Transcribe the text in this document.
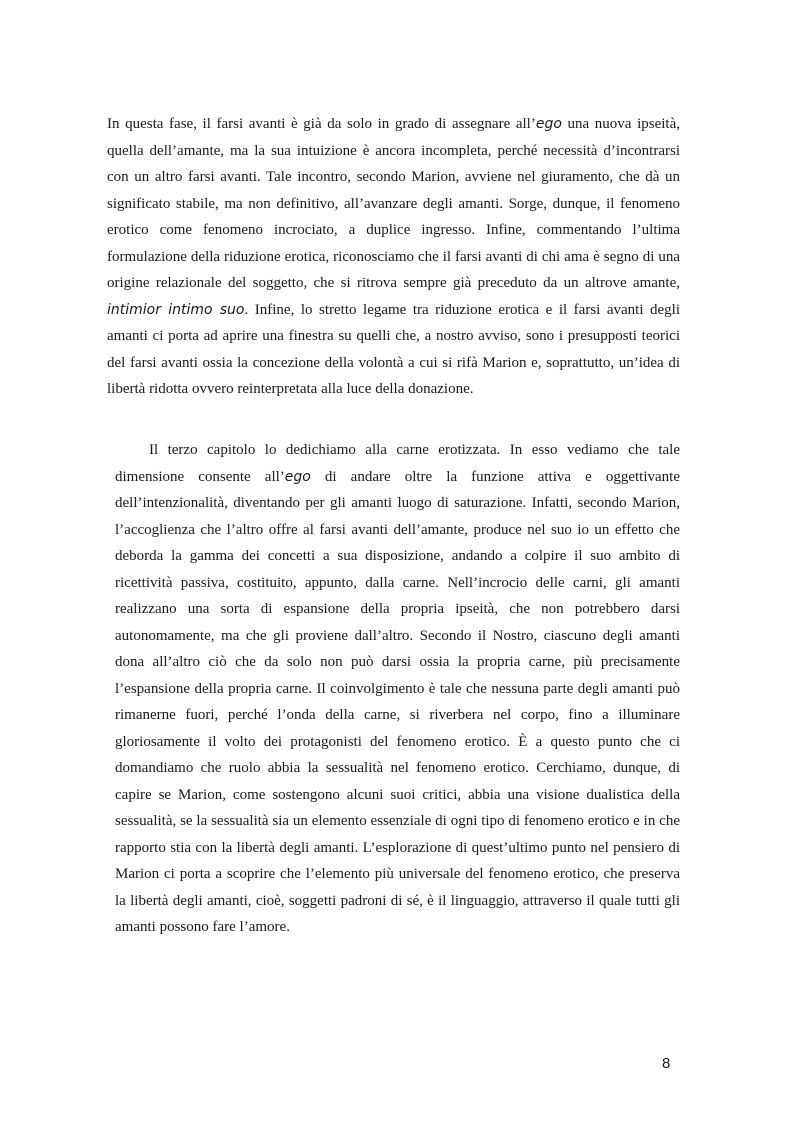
In questa fase, il farsi avanti è già da solo in grado di assegnare all’ego una nuova ipseità, quella dell’amante, ma la sua intuizione è ancora incompleta, perché necessità d’incontrarsi con un altro farsi avanti. Tale incontro, secondo Marion, avviene nel giuramento, che dà un significato stabile, ma non definitivo, all’avanzare degli amanti. Sorge, dunque, il fenomeno erotico come fenomeno incrociato, a duplice ingresso. Infine, commentando l’ultima formulazione della riduzione erotica, riconosciamo che il farsi avanti di chi ama è segno di una origine relazionale del soggetto, che si ritrova sempre già preceduto da un altrove amante, intimior intimo suo. Infine, lo stretto legame tra riduzione erotica e il farsi avanti degli amanti ci porta ad aprire una finestra su quelli che, a nostro avviso, sono i presupposti teorici del farsi avanti ossia la concezione della volontà a cui si rifà Marion e, soprattutto, un’idea di libertà ridotta ovvero reinterpretata alla luce della donazione.

Il terzo capitolo lo dedichiamo alla carne erotizzata. In esso vediamo che tale dimensione consente all’ego di andare oltre la funzione attiva e oggettivante dell’intenzionalità, diventando per gli amanti luogo di saturazione. Infatti, secondo Marion, l’accoglienza che l’altro offre al farsi avanti dell’amante, produce nel suo io un effetto che deborda la gamma dei concetti a sua disposizione, andando a colpire il suo ambito di ricettività passiva, costituito, appunto, dalla carne. Nell’incrocio delle carni, gli amanti realizzano una sorta di espansione della propria ipseità, che non potrebbero darsi autonomamente, ma che gli proviene dall’altro. Secondo il Nostro, ciascuno degli amanti dona all’altro ciò che da solo non può darsi ossia la propria carne, più precisamente l’espansione della propria carne. Il coinvolgimento è tale che nessuna parte degli amanti può rimanerne fuori, perché l’onda della carne, si riverbera nel corpo, fino a illuminare gloriosamente il volto dei protagonisti del fenomeno erotico. È a questo punto che ci domandiamo che ruolo abbia la sessualità nel fenomeno erotico. Cerchiamo, dunque, di capire se Marion, come sostengono alcuni suoi critici, abbia una visione dualistica della sessualità, se la sessualità sia un elemento essenziale di ogni tipo di fenomeno erotico e in che rapporto stia con la libertà degli amanti. L’esplorazione di quest’ultimo punto nel pensiero di Marion ci porta a scoprire che l’elemento più universale del fenomeno erotico, che preserva la libertà degli amanti, cioè, soggetti padroni di sé, è il linguaggio, attraverso il quale tutti gli amanti possono fare l’amore.

8
